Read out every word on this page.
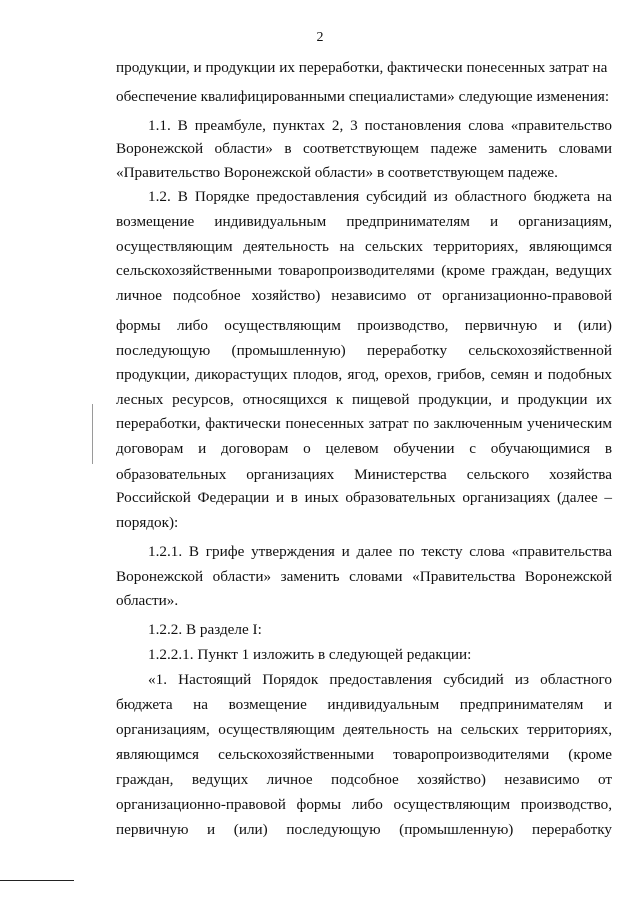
2
продукции, и продукции их переработки, фактически понесенных затрат на
обеспечение квалифицированными специалистами» следующие изменения:
1.1. В преамбуле, пунктах 2, 3 постановления слова «правительство
Воронежской области» в соответствующем падеже заменить словами
«Правительство Воронежской области» в соответствующем падеже.
1.2. В Порядке предоставления субсидий из областного бюджета на
возмещение индивидуальным предпринимателям и организациям,
осуществляющим деятельность на сельских территориях, являющимся
сельскохозяйственными товаропроизводителями (кроме граждан, ведущих
личное подсобное хозяйство) независимо от организационно-правовой
формы либо осуществляющим производство, первичную и (или)
последующую (промышленную) переработку сельскохозяйственной
продукции, дикорастущих плодов, ягод, орехов, грибов, семян и подобных
лесных ресурсов, относящихся к пищевой продукции, и продукции их
переработки, фактически понесенных затрат по заключенным ученическим
договорам и договорам о целевом обучении с обучающимися в
образовательных организациях Министерства сельского хозяйства
Российской Федерации и в иных образовательных организациях (далее –
порядок):
1.2.1. В грифе утверждения и далее по тексту слова «правительства
Воронежской области» заменить словами «Правительства Воронежской
области».
1.2.2. В разделе I:
1.2.2.1. Пункт 1 изложить в следующей редакции:
«1. Настоящий Порядок предоставления субсидий из областного
бюджета на возмещение индивидуальным предпринимателям и
организациям, осуществляющим деятельность на сельских территориях,
являющимся сельскохозяйственными товаропроизводителями (кроме
граждан, ведущих личное подсобное хозяйство) независимо от
организационно-правовой формы либо осуществляющим производство,
первичную и (или) последующую (промышленную) переработку
